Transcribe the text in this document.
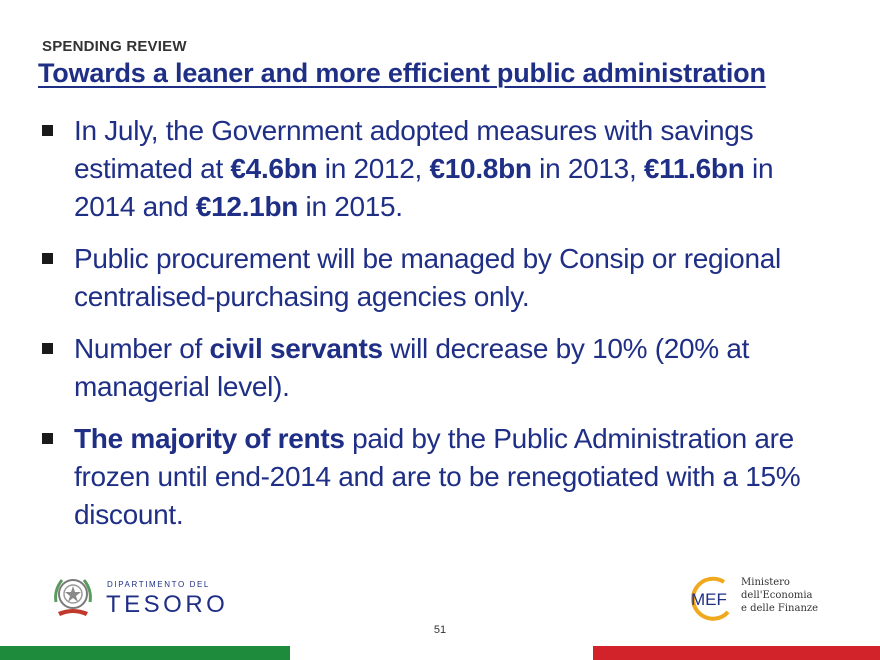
SPENDING REVIEW
Towards a leaner and more efficient public administration
In July, the Government adopted measures with savings estimated at €4.6bn in 2012, €10.8bn in 2013, €11.6bn in 2014 and €12.1bn in 2015.
Public procurement will be managed by Consip or regional centralised-purchasing agencies only.
Number of civil servants will decrease by 10% (20% at managerial level).
The majority of rents paid by the Public Administration are frozen until end-2014 and are to be renegotiated with a 15% discount.
DIPARTIMENTO DEL
TESORO	MEF
Ministero
dell'Economia
e delle Finanze
51
